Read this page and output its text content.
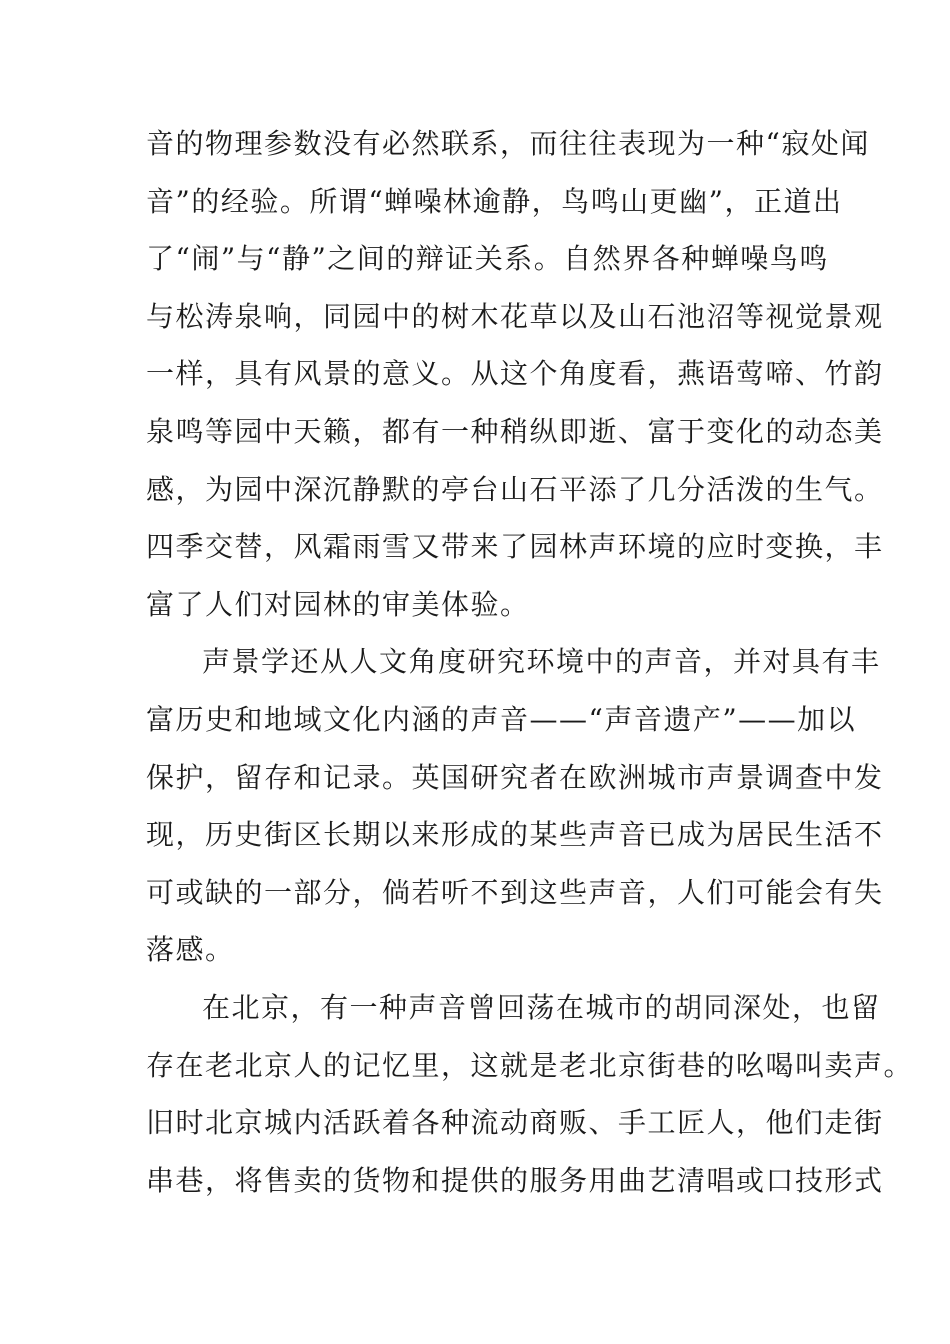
音的物理参数没有必然联系，而往往表现为一种“寂处闻
音”的经验。所谓“蝉噪林逾静，鸟鸣山更幽”，正道出
了“闹”与“静”之间的辩证关系。自然界各种蝉噪鸟鸣
与松涛泉响，同园中的树木花草以及山石池沼等视觉景观
一样，具有风景的意义。从这个角度看，燕语莺啼、竹韵
泉鸣等园中天籁，都有一种稍纵即逝、富于变化的动态美
感，为园中深沉静默的亭台山石平添了几分活泼的生气。
四季交替，风霜雨雪又带来了园林声环境的应时变换，丰
富了人们对园林的审美体验。
声景学还从人文角度研究环境中的声音，并对具有丰
富历史和地域文化内涵的声音——“声音遗产”——加以
保护，留存和记录。英国研究者在欧洲城市声景调查中发
现，历史街区长期以来形成的某些声音已成为居民生活不
可或缺的一部分，倘若听不到这些声音，人们可能会有失
落感。
在北京，有一种声音曾回荡在城市的胡同深处，也留
存在老北京人的记忆里，这就是老北京街巷的吆喝叫卖声。
旧时北京城内活跃着各种流动商贩、手工匠人，他们走街
串巷，将售卖的货物和提供的服务用曲艺清唱或口技形式
